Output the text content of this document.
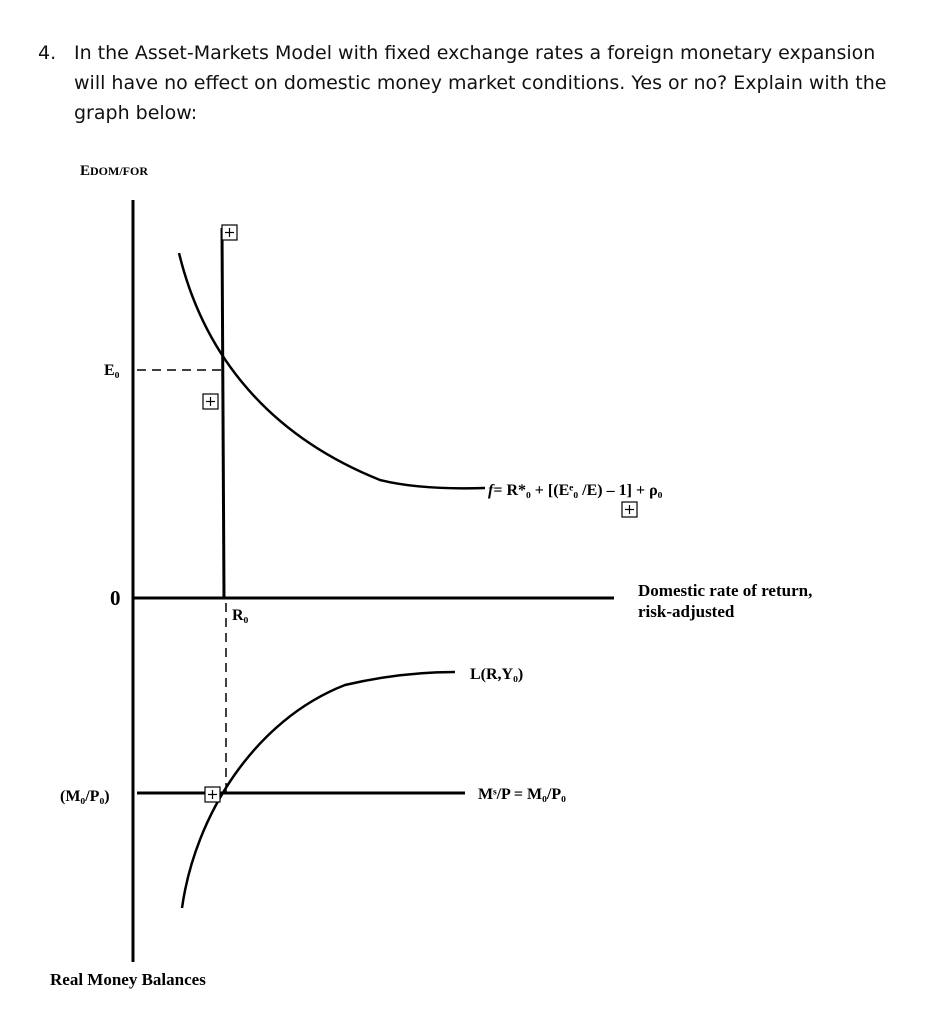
4. In the Asset-Markets Model with fixed exchange rates a foreign monetary expansion will have no effect on domestic money market conditions. Yes or no? Explain with the graph below:
EDOM/FOR
E₀
0
R₀
(M₀/P₀)
Domestic rate of return,
risk-adjusted
Real Money Balances
f= R*₀ + [(Eᵉ₀ /E) – 1] + ρ₀
L(R,Y₀)
Mˢ/P = M₀/P₀
